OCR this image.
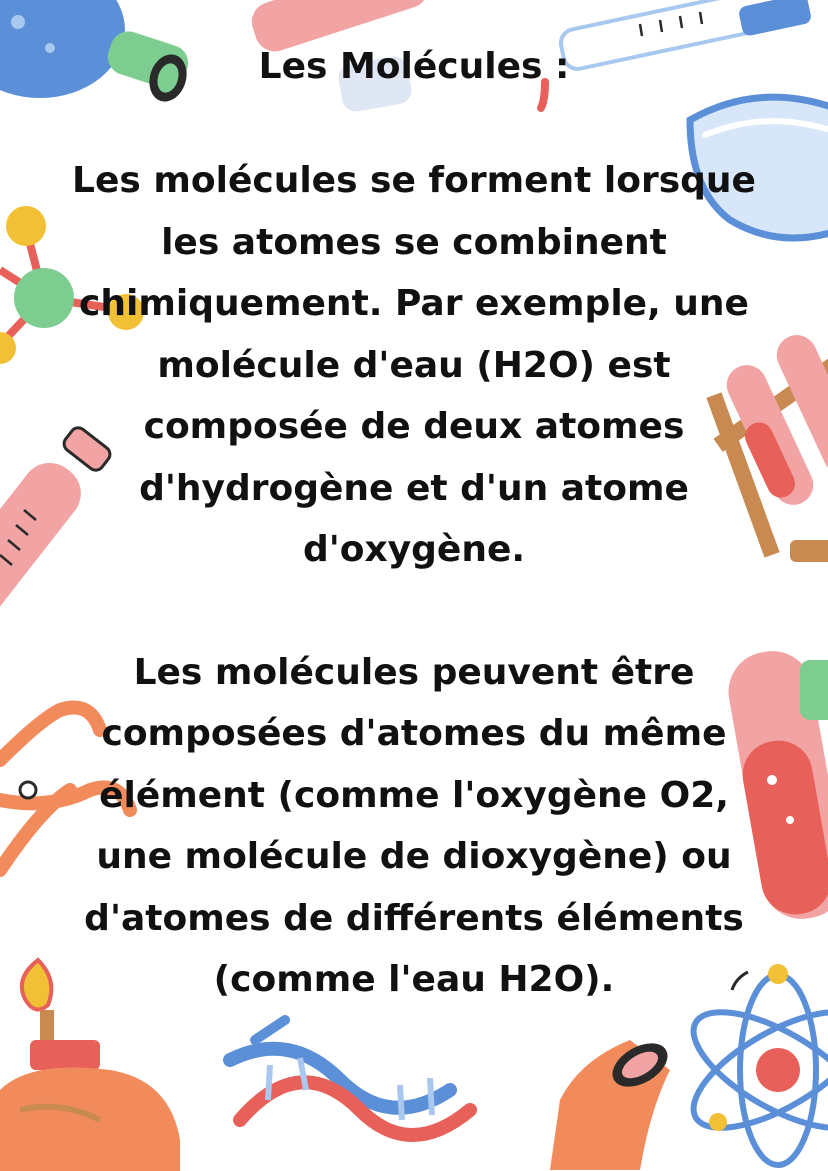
Les Molécules :

Les molécules se forment lorsque les atomes se combinent chimiquement. Par exemple, une molécule d'eau (H2O) est composée de deux atomes d'hydrogène et d'un atome d'oxygène.

Les molécules peuvent être composées d'atomes du même élément (comme l'oxygène O2, une molécule de dioxygène) ou d'atomes de différents éléments (comme l'eau H2O).
